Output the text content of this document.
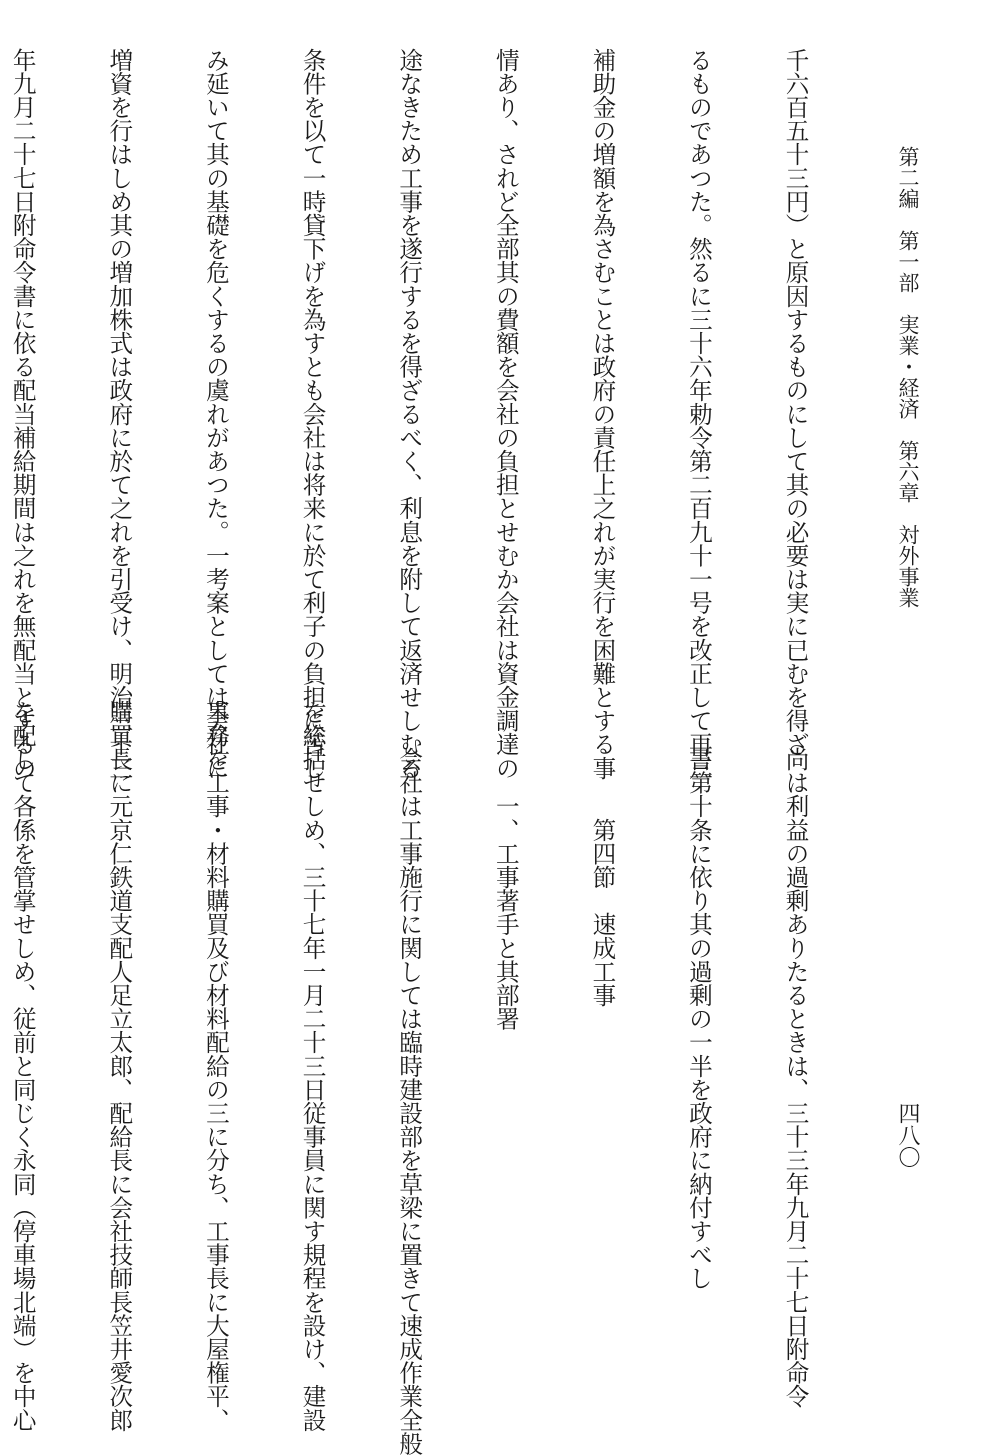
第二編　第一部　実業・経済　第六章　対外事業
四八〇

千六百五十三円）と原因するものにして其の必要は実に已むを得ざ

るものであつた。然るに三十六年勅令第二百九十一号を改正して再三

補助金の増額を為さむことは政府の責任上之れが実行を困難とする事

情あり、されど全部其の費額を会社の負担とせむか会社は資金調達の

途なきため工事を遂行するを得ざるべく、利息を附して返済せしむる

条件を以て一時貸下げを為すとも会社は将来に於て利子の負担に苦し

み延いて其の基礎を危くするの虞れがあつた。一考案としては会社に

増資を行はしめ其の増加株式は政府に於て之れを引受け、明治三十三

年九月二十七日附命令書に依る配当補給期間は之れを無配当とするの

　　尚は利益の過剰ありたるときは、三十三年九月二十七日附命令

　　書第十条に依り其の過剰の一半を政府に納付すべし

　　　　　第四節　速成工事

　　　　一、工事著手と其部署

　　会社は工事施行に関しては臨時建設部を草梁に置きて速成作業全般

を総括せしめ、三十七年一月二十三日従事員に関す規程を設け、建設

事務を工事・材料購買及び材料配給の三に分ち、工事長に大屋権平、

購買長に元京仁鉄道支配人足立太郎、配給長に会社技師長笠井愛次郎

を配して各係を管掌せしめ、従前と同じく永同（停車場北端）を中心
